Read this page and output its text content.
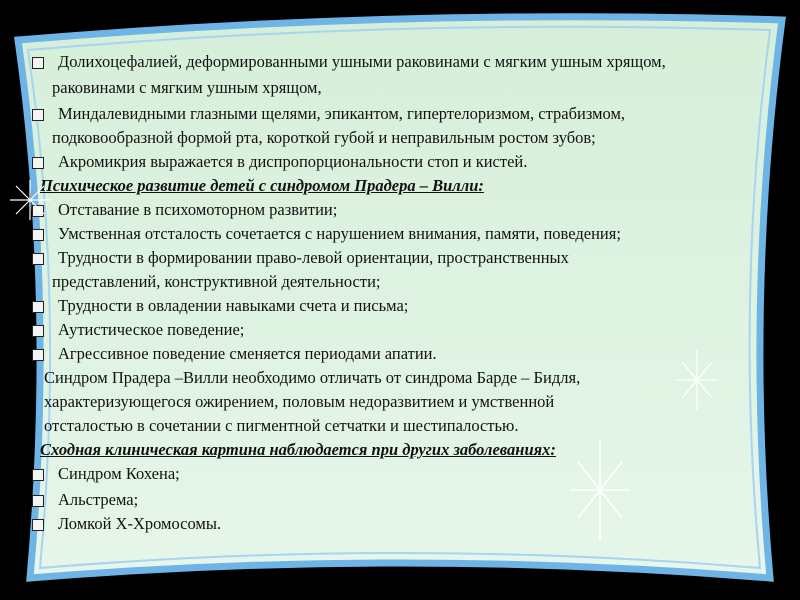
Долихоцефалией, деформированными ушными раковинами с мягким ушным хрящом,
раковинами с мягким ушным хрящом,
Миндалевидными глазными щелями, эпикантом, гипертелоризмом, страбизмом,
подковообразной формой рта, короткой губой и неправильным ростом зубов;
Акромикрия выражается в диспропорциональности стоп и кистей.
Психическое развитие детей с синдромом Прадера – Вилли:
Отставание в психомоторном развитии;
Умственная отсталость сочетается с нарушением внимания, памяти, поведения;
Трудности в формировании право-левой ориентации, пространственных
представлений, конструктивной деятельности;
Трудности в овладении навыками счета и письма;
Аутистическое поведение;
Агрессивное поведение сменяется периодами апатии.
Синдром Прадера –Вилли необходимо отличать от синдрома Барде – Бидля,
характеризующегося ожирением, половым недоразвитием и умственной
отсталостью в сочетании с пигментной сетчатки и шестипалостью.
Сходная клиническая картина наблюдается при других заболеваниях:
Синдром Кохена;
Альстрема;
Ломкой Х-Хромосомы.
